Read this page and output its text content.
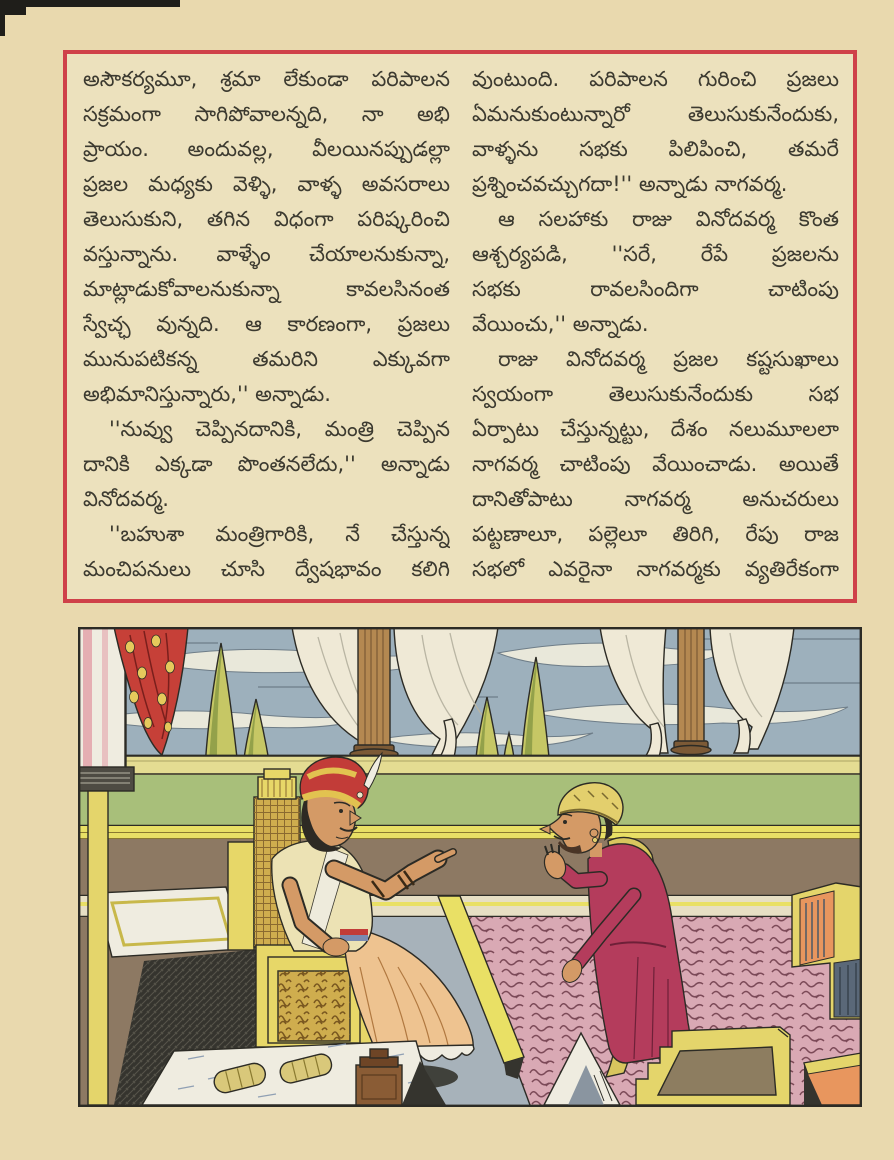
అసౌకర్యమూ, శ్రమా లేకుండా పరిపాలన
సక్రమంగా సాగిపోవాలన్నది, నా అభి
ప్రాయం. అందువల్ల, వీలయినప్పుడల్లా
ప్రజల మధ్యకు వెళ్ళి, వాళ్ళ అవసరాలు
తెలుసుకుని, తగిన విధంగా పరిష్కరించి
వస్తున్నాను. వాళ్ళేం చేయాలనుకున్నా,
మాట్లాడుకోవాలనుకున్నా కావలసినంత
స్వేచ్ఛ వున్నది. ఆ కారణంగా, ప్రజలు
మునుపటికన్న తమరిని ఎక్కువగా
అభిమానిస్తున్నారు,'' అన్నాడు.
''నువ్వు చెప్పినదానికి, మంత్రి చెప్పిన
దానికి ఎక్కడా పొంతనలేదు,'' అన్నాడు
వినోదవర్మ.
''బహుశా మంత్రిగారికి, నే చేస్తున్న
మంచిపనులు చూసి ద్వేషభావం కలిగి
వుంటుంది. పరిపాలన గురించి ప్రజలు
ఏమనుకుంటున్నారో తెలుసుకునేందుకు,
వాళ్ళను సభకు పిలిపించి, తమరే
ప్రశ్నించవచ్చుగదా!'' అన్నాడు నాగవర్మ.
ఆ సలహాకు రాజు వినోదవర్మ కొంత
ఆశ్చర్యపడి, ''సరే, రేపే ప్రజలను
సభకు రావలసిందిగా చాటింపు
వేయించు,'' అన్నాడు.
రాజు వినోదవర్మ ప్రజల కష్టసుఖాలు
స్వయంగా తెలుసుకునేందుకు సభ
ఏర్పాటు చేస్తున్నట్టు, దేశం నలుమూలలా
నాగవర్మ చాటింపు వేయించాడు. అయితే
దానితోపాటు నాగవర్మ అనుచరులు
పట్టణాలూ, పల్లెలూ తిరిగి, రేపు రాజ
సభలో ఎవరైనా నాగవర్మకు వ్యతిరేకంగా
